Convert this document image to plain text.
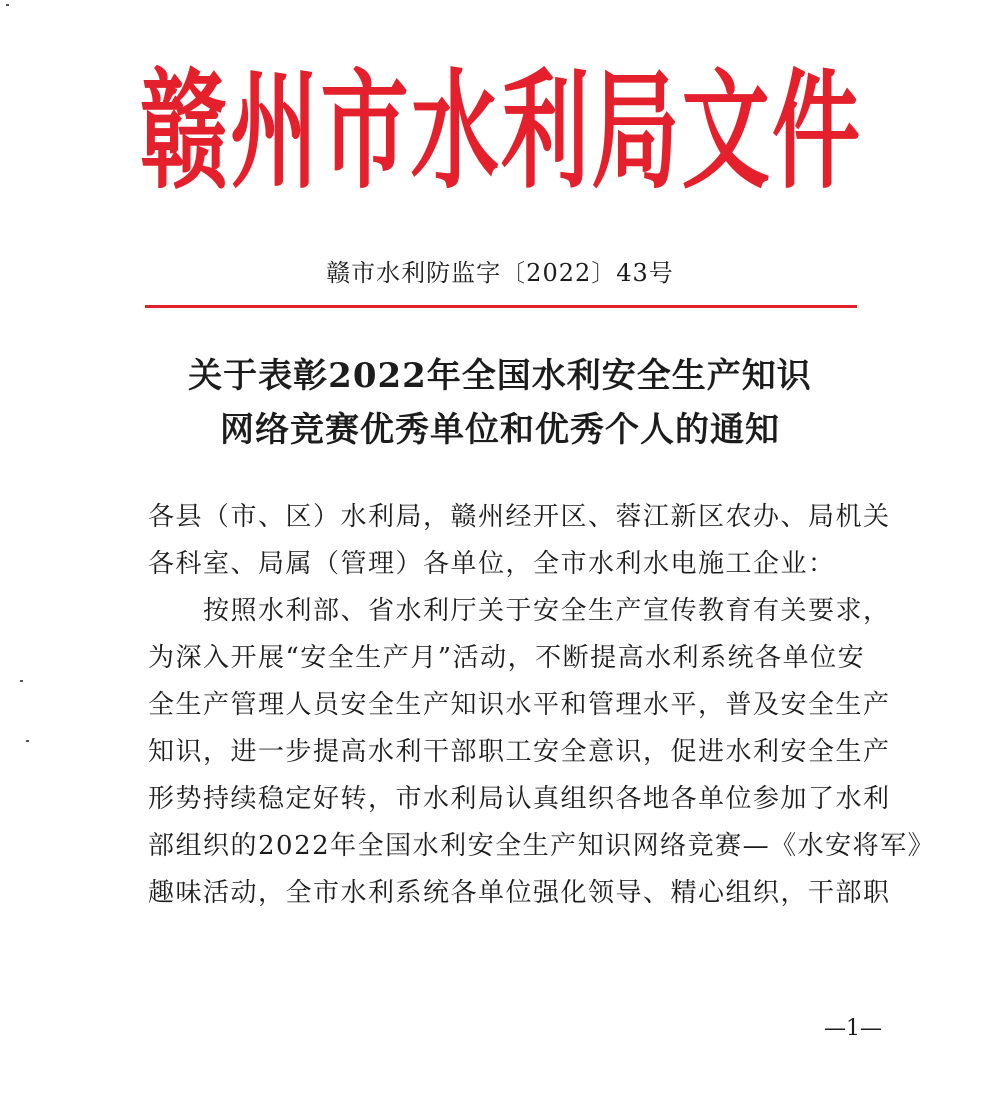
赣 州 市 水 利 局 文 件
赣市水利防监字〔2022〕43号
关于表彰2022年全国水利安全生产知识
网络竞赛优秀单位和优秀个人的通知
各县（市、区）水利局，赣州经开区、蓉江新区农办、局机关
各科室、局属（管理）各单位，全市水利水电施工企业：
　　按照水利部、省水利厅关于安全生产宣传教育有关要求，
为深入开展“安全生产月”活动，不断提高水利系统各单位安
全生产管理人员安全生产知识水平和管理水平，普及安全生产
知识，进一步提高水利干部职工安全意识，促进水利安全生产
形势持续稳定好转，市水利局认真组织各地各单位参加了水利
部组织的2022年全国水利安全生产知识网络竞赛—《水安将军》
趣味活动，全市水利系统各单位强化领导、精心组织，干部职
—1—
